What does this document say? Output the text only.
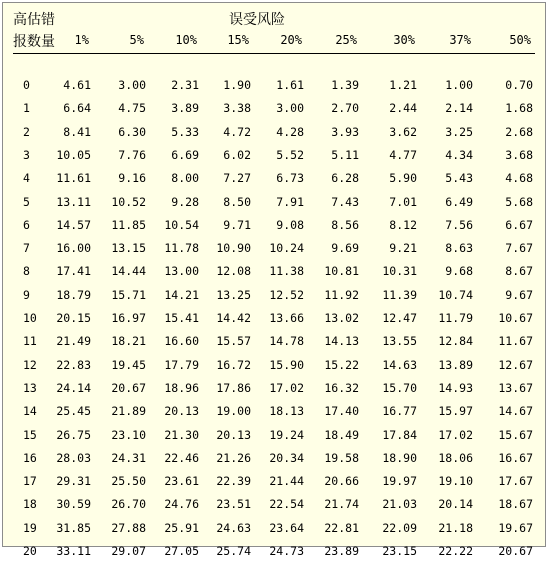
高估错
报数量
误受风险
1%	5%	10%	15%	20%	25%	30%	37%	50%
0	4.61 3.00 2.31 1.90 1.61 1.39	1.21 1.00	0.70
1	6.64 4.75 3.89 3.38 3.00 2.70	2.44 2.14	1.68
2	8.41 6.30 5.33 4.72 4.28 3.93	3.62 3.25	2.68
3 10.05 7.76 6.69 6.02 5.52 5.11	4.77 4.34	3.68
4 11.61 9.16 8.00 7.27 6.73 6.28	5.90 5.43	4.68
5 13.11 10.52 9.28 8.50 7.91 7.43	7.01 6.49	5.68
6 14.57 11.85 10.54 9.71 9.08 8.56	8.12 7.56	6.67
7 16.00 13.15 11.78 10.90 10.24 9.69	9.21 8.63	7.67
8 17.41 14.44 13.00 12.08 11.38 10.81 10.31 9.68	8.67
9 18.79 15.71 14.21 13.25 12.52 11.92 11.39 10.74	9.67
10 20.15 16.97 15.41 14.42 13.66 13.02 12.47 11.79 10.67
11 21.49 18.21 16.60 15.57 14.78 14.13 13.55 12.84 11.67
12 22.83 19.45 17.79 16.72 15.90 15.22 14.63 13.89 12.67
13 24.14 20.67 18.96 17.86 17.02 16.32 15.70 14.93 13.67
14 25.45 21.89 20.13 19.00 18.13 17.40 16.77 15.97 14.67
15 26.75 23.10 21.30 20.13 19.24 18.49 17.84 17.02 15.67
16 28.03 24.31 22.46 21.26 20.34 19.58 18.90 18.06 16.67
17 29.31 25.50 23.61 22.39 21.44 20.66 19.97 19.10 17.67
18 30.59 26.70 24.76 23.51 22.54 21.74 21.03 20.14 18.67
19 31.85 27.88 25.91 24.63 23.64 22.81 22.09 21.18 19.67
20 33.11 29.07 27.05 25.74 24.73 23.89 23.15 22.22 20.67
